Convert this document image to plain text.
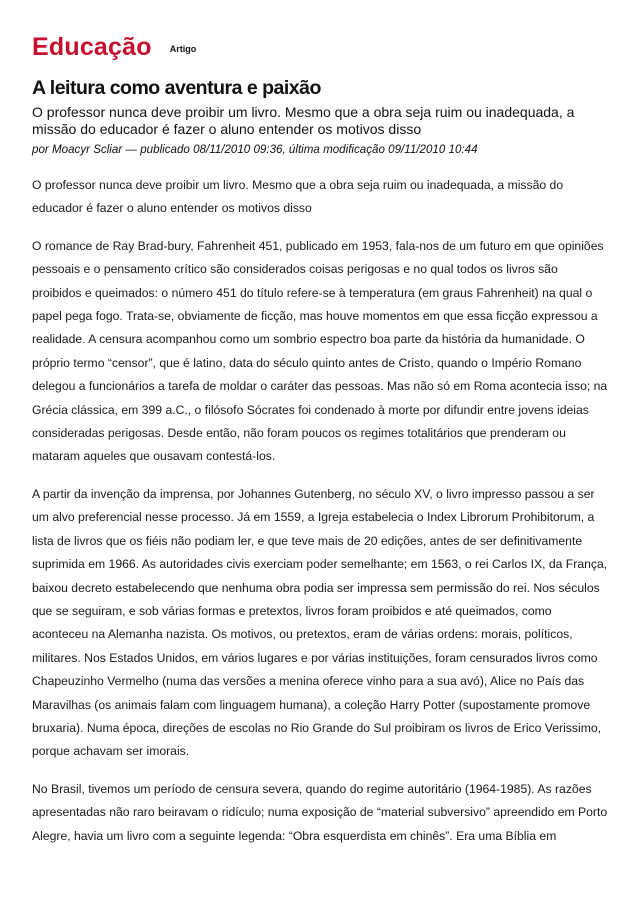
Educação Artigo
A leitura como aventura e paixão
O professor nunca deve proibir um livro. Mesmo que a obra seja ruim ou inadequada, a missão do educador é fazer o aluno entender os motivos disso
por Moacyr Scliar — publicado 08/11/2010 09:36, última modificação 09/11/2010 10:44
O professor nunca deve proibir um livro. Mesmo que a obra seja ruim ou inadequada, a missão do educador é fazer o aluno entender os motivos disso
O romance de Ray Brad-bury, Fahrenheit 451, publicado em 1953, fala-nos de um futuro em que opiniões pessoais e o pensamento crítico são considerados coisas perigosas e no qual todos os livros são proibidos e queimados: o número 451 do título refere-se à temperatura (em graus Fahrenheit) na qual o papel pega fogo. Trata-se, obviamente de ficção, mas houve momentos em que essa ficção expressou a realidade. A censura acompanhou como um sombrio espectro boa parte da história da humanidade. O próprio termo “censor”, que é latino, data do século quinto antes de Cristo, quando o Império Romano delegou a funcionários a tarefa de moldar o caráter das pessoas. Mas não só em Roma acontecia isso; na Grécia clássica, em 399 a.C., o filósofo Sócrates foi condenado à morte por difundir entre jovens ideias consideradas perigosas. Desde então, não foram poucos os regimes totalitários que prenderam ou mataram aqueles que ousavam contestá-los.
A partir da invenção da imprensa, por Johannes Gutenberg, no século XV, o livro impresso passou a ser um alvo preferencial nesse processo. Já em 1559, a Igreja estabelecia o Index Librorum Prohibitorum, a lista de livros que os fiéis não podiam ler, e que teve mais de 20 edições, antes de ser definitivamente suprimida em 1966. As autoridades civis exerciam poder semelhante; em 1563, o rei Carlos IX, da França, baixou decreto estabelecendo que nenhuma obra podia ser impressa sem permissão do rei. Nos séculos que se seguiram, e sob várias formas e pretextos, livros foram proibidos e até queimados, como aconteceu na Alemanha nazista. Os motivos, ou pretextos, eram de várias ordens: morais, políticos, militares. Nos Estados Unidos, em vários lugares e por várias instituições, foram censurados livros como Chapeuzinho Vermelho (numa das versões a menina oferece vinho para a sua avó), Alice no País das Maravilhas (os animais falam com linguagem humana), a coleção Harry Potter (supostamente promove bruxaria). Numa época, direções de escolas no Rio Grande do Sul proibiram os livros de Erico Verissimo, porque achavam ser imorais.
No Brasil, tivemos um período de censura severa, quando do regime autoritário (1964-1985). As razões apresentadas não raro beiravam o ridículo; numa exposição de “material subversivo” apreendido em Porto Alegre, havia um livro com a seguinte legenda: “Obra esquerdista em chinês”. Era uma Bíblia em
